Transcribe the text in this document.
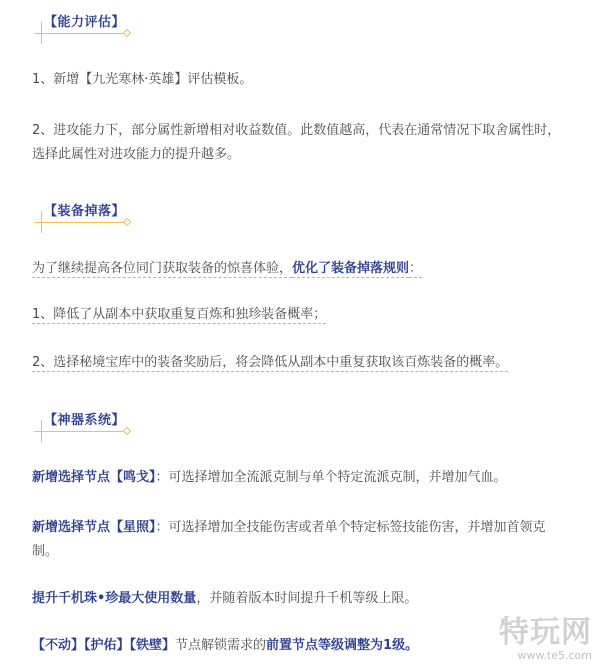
【能力评估】
1、新增【九光寒林·英雄】评估模板。
2、进攻能力下，部分属性新增相对收益数值。此数值越高，代表在通常情况下取舍属性时，选择此属性对进攻能力的提升越多。
【装备掉落】
为了继续提高各位同门获取装备的惊喜体验，优化了装备掉落规则：
1、降低了从副本中获取重复百炼和独珍装备概率；
2、选择秘境宝库中的装备奖励后，将会降低从副本中重复获取该百炼装备的概率。
【神器系统】
新增选择节点【鸣戈】：可选择增加全流派克制与单个特定流派克制，并增加气血。
新增选择节点【星照】：可选择增加全技能伤害或者单个特定标签技能伤害，并增加首领克制。
提升千机珠•珍最大使用数量，并随着版本时间提升千机等级上限。
【不动】【护佑】【铁壁】节点解锁需求的前置节点等级调整为1级。	特玩网
www.te5.com
